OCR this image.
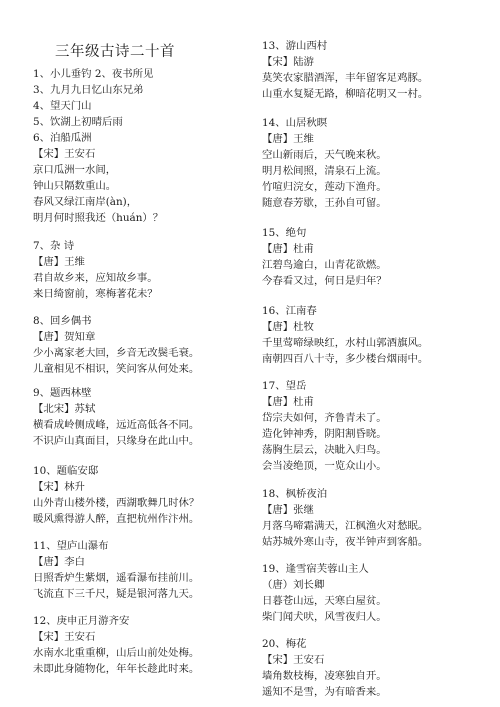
三年级古诗二十首
1、小儿垂钓 2、夜书所见
3、九月九日忆山东兄弟
4、望天门山
5、饮湖上初晴后雨
6、泊船瓜洲
【宋】王安石
京口瓜洲一水间，
钟山只隔数重山。
春风又绿江南岸(àn)，
明月何时照我还（huán）？
7、杂 诗
【唐】王维
君自故乡来，应知故乡事。
来日绮窗前，寒梅著花未？
8、回乡偶书
【唐】贺知章
少小离家老大回，乡音无改鬓毛衰。
儿童相见不相识，笑问客从何处来。
9、题西林壁
【北宋】苏轼
横看成岭侧成峰，远近高低各不同。
不识庐山真面目，只缘身在此山中。
10、题临安邸
【宋】林升
山外青山楼外楼，西湖歌舞几时休？
暖风熏得游人醉，直把杭州作汴州。
11、望庐山瀑布
【唐】李白
日照香炉生紫烟，遥看瀑布挂前川。
飞流直下三千尺，疑是银河落九天。
12、庚申正月游齐安
【宋】王安石
水南水北重重柳，山后山前处处梅。
未即此身随物化，年年长趁此时来。
13、游山西村
【宋】陆游
莫笑农家腊酒浑，丰年留客足鸡豚。
山重水复疑无路，柳暗花明又一村。
14、山居秋暝
【唐】王维
空山新雨后，天气晚来秋。
明月松间照，清泉石上流。
竹喧归浣女，莲动下渔舟。
随意春芳歇，王孙自可留。
15、绝句
【唐】杜甫
江碧鸟逾白，山青花欲燃。
今春看又过，何日是归年？
16、江南春
【唐】杜牧
千里莺啼绿映红，水村山郭酒旗风。
南朝四百八十寺，多少楼台烟雨中。
17、望岳
【唐】杜甫
岱宗夫如何，齐鲁青未了。
造化钟神秀，阴阳割昏晓。
荡胸生层云，决眦入归鸟。
会当凌绝顶，一览众山小。
18、枫桥夜泊
【唐】张继
月落乌啼霜满天，江枫渔火对愁眠。
姑苏城外寒山寺，夜半钟声到客船。
19、逢雪宿芙蓉山主人
（唐）刘长卿
日暮苍山远，天寒白屋贫。
柴门闻犬吠，风雪夜归人。
20、梅花
【宋】王安石
墙角数枝梅，凌寒独自开。
遥知不是雪，为有暗香来。
